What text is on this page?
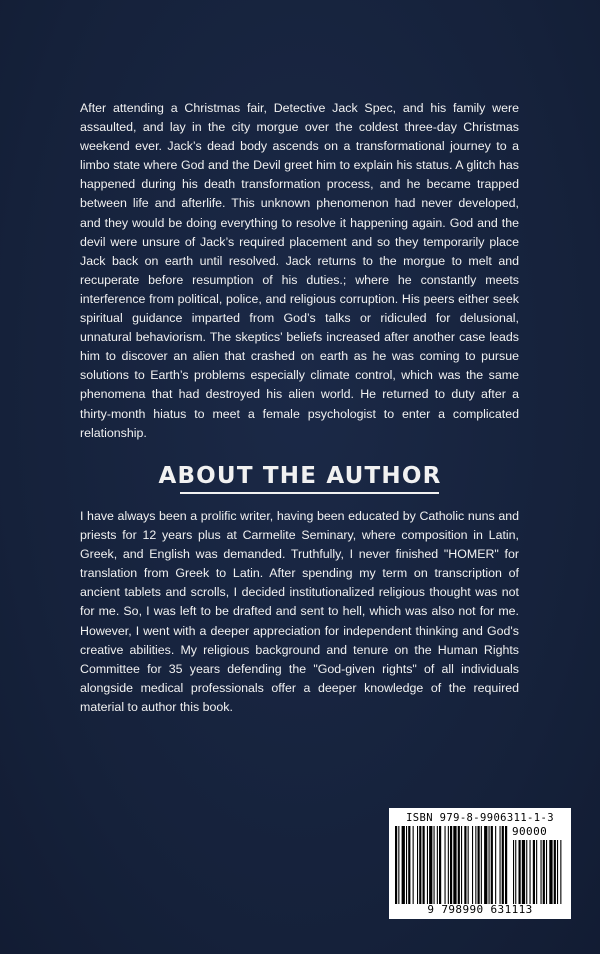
After attending a Christmas fair, Detective Jack Spec, and his family were assaulted, and lay in the city morgue over the coldest three-day Christmas weekend ever. Jack’s dead body ascends on a transformational journey to a limbo state where God and the Devil greet him to explain his status. A glitch has happened during his death transformation process, and he became trapped between life and afterlife. This unknown phenomenon had never developed, and they would be doing everything to resolve it happening again. God and the devil were unsure of Jack’s required placement and so they temporarily place Jack back on earth until resolved. Jack returns to the morgue to melt and recuperate before resumption of his duties.; where he constantly meets interference from political, police, and religious corruption. His peers either seek spiritual guidance imparted from God’s talks or ridiculed for delusional, unnatural behaviorism. The skeptics’ beliefs increased after another case leads him to discover an alien that crashed on earth as he was coming to pursue solutions to Earth’s problems especially climate control, which was the same phenomena that had destroyed his alien world. He returned to duty after a thirty-month hiatus to meet a female psychologist to enter a complicated relationship.

ABOUT THE AUTHOR

I have always been a prolific writer, having been educated by Catholic nuns and priests for 12 years plus at Carmelite Seminary, where composition in Latin, Greek, and English was demanded. Truthfully, I never finished "HOMER" for translation from Greek to Latin. After spending my term on transcription of ancient tablets and scrolls, I decided institutionalized religious thought was not for me. So, I was left to be drafted and sent to hell, which was also not for me. However, I went with a deeper appreciation for independent thinking and God's creative abilities. My religious background and tenure on the Human Rights Committee for 35 years defending the "God-given rights" of all individuals alongside medical professionals offer a deeper knowledge of the required material to author this book.

ISBN 979-8-9906311-1-3
90000
9 798990 631113
